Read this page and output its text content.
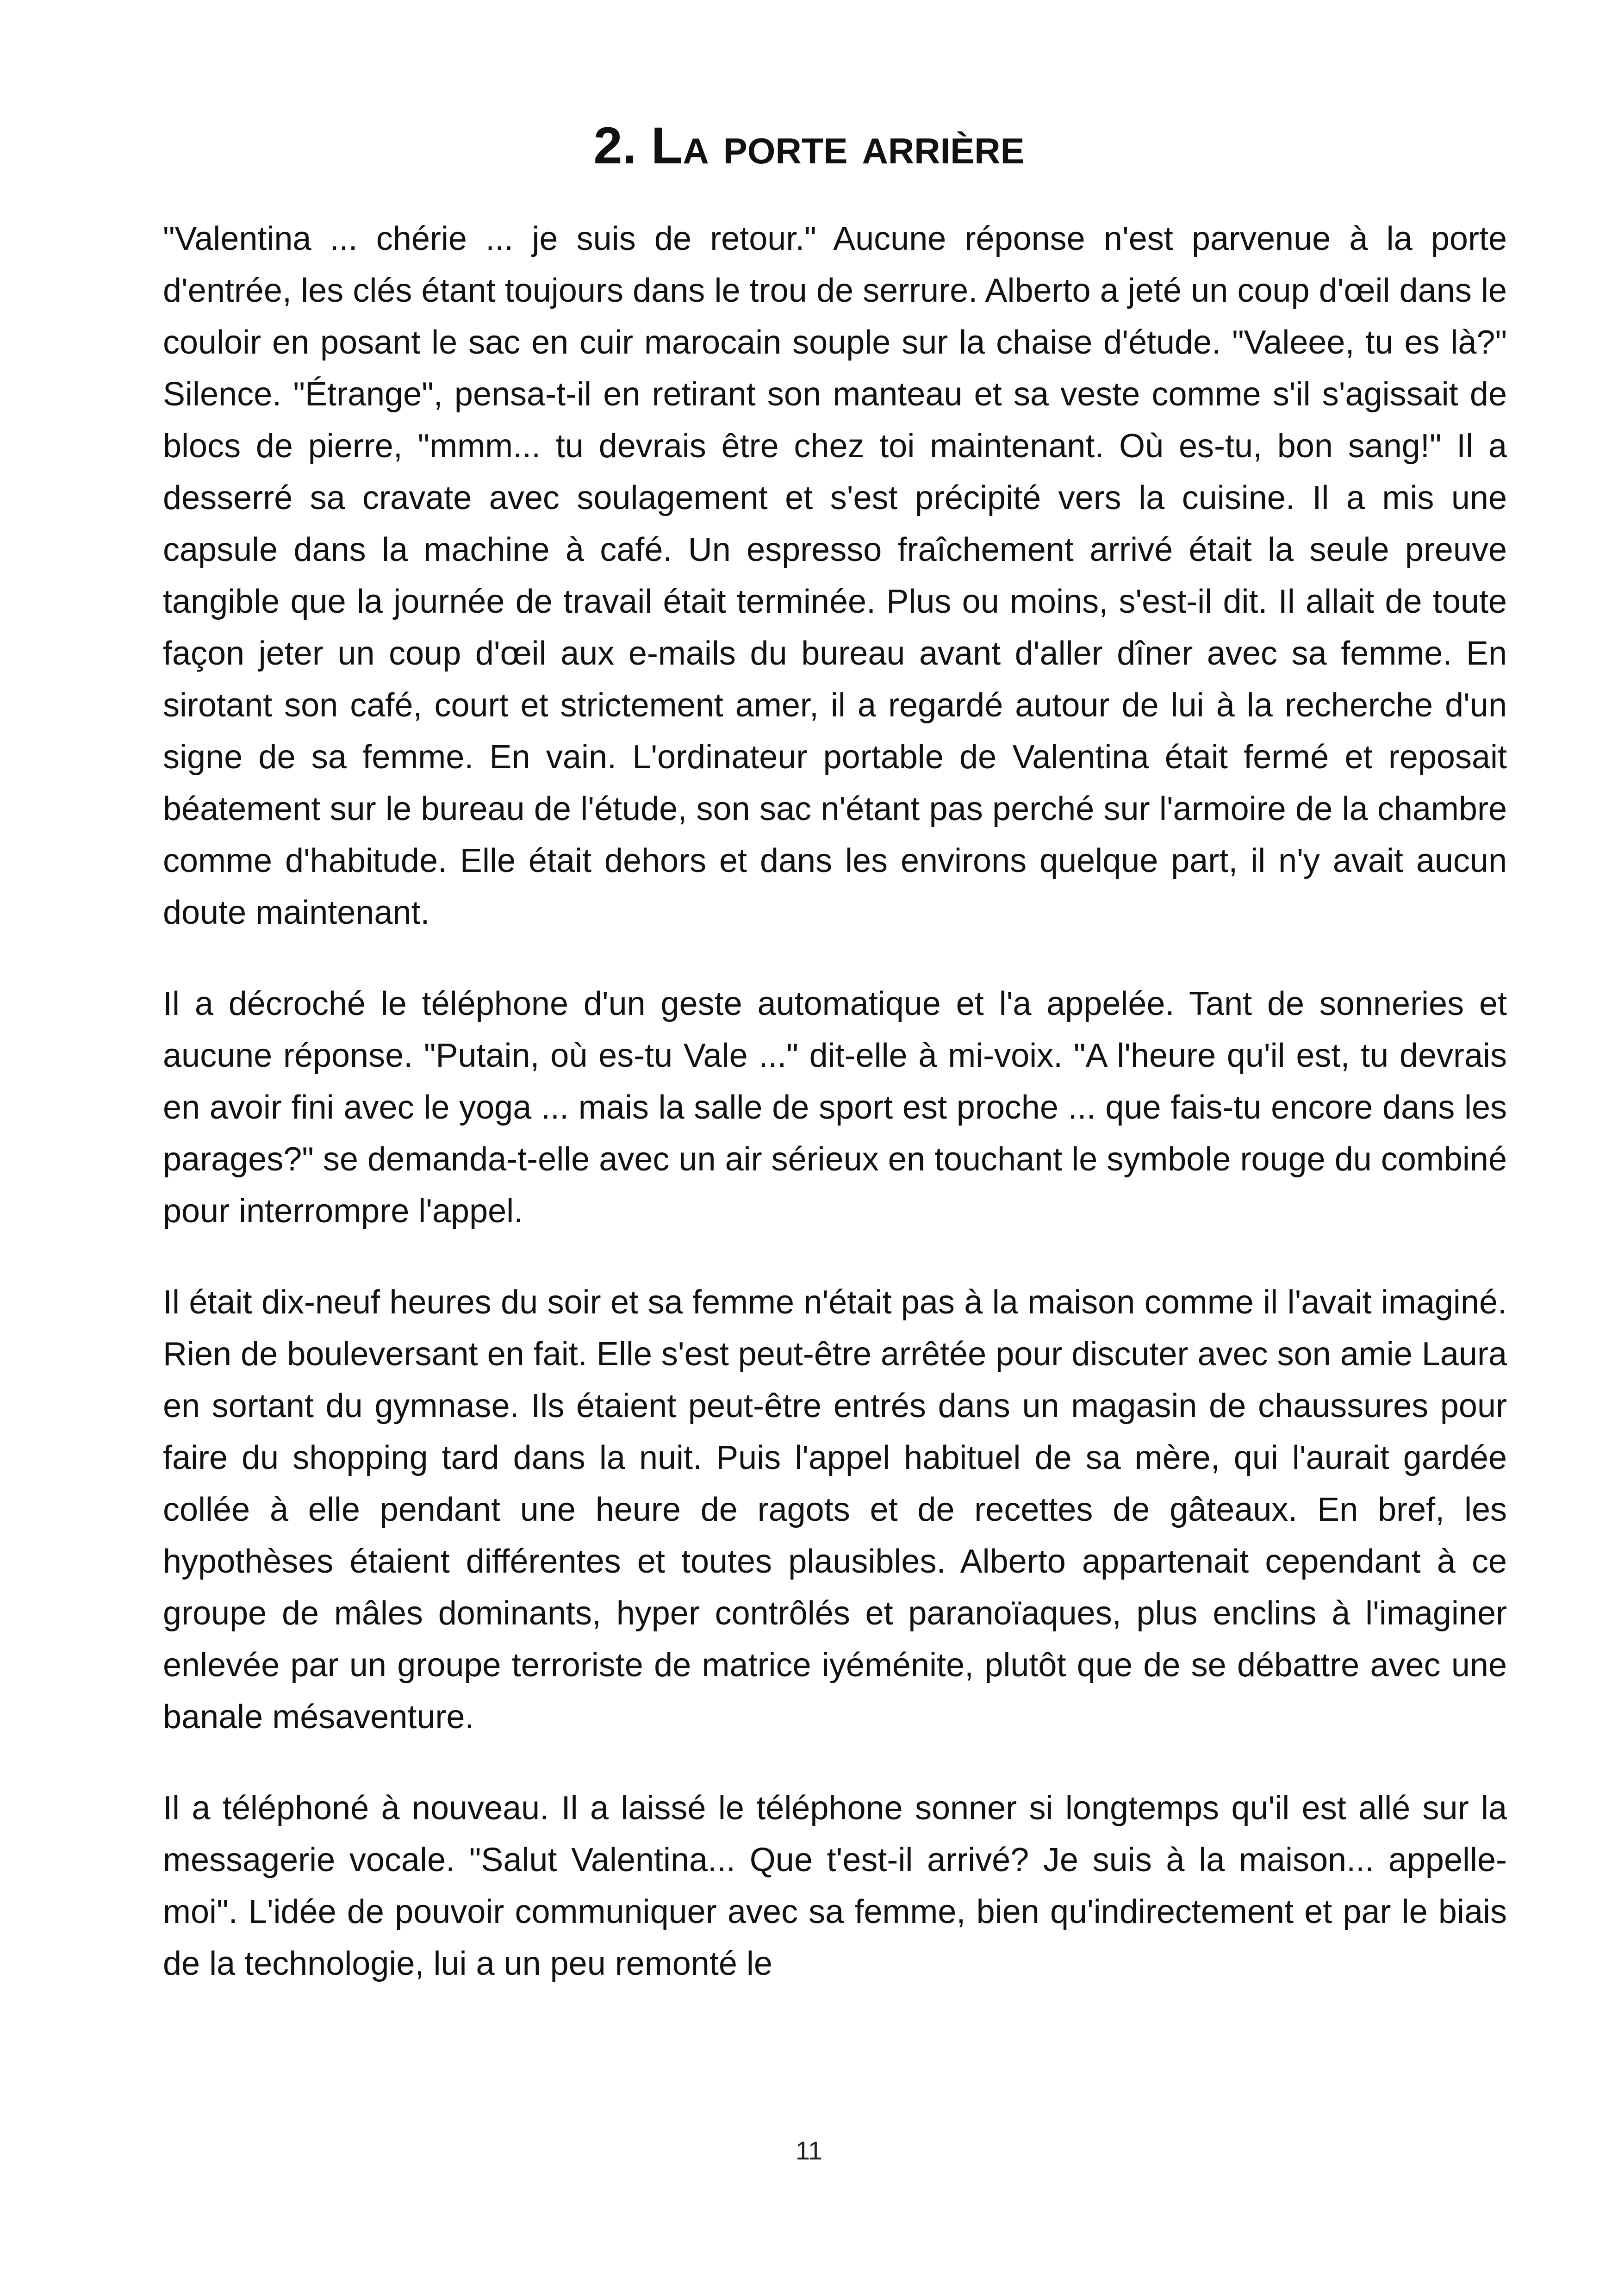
2. La porte arrière

"Valentina ... chérie ... je suis de retour." Aucune réponse n'est parvenue à la porte d'entrée, les clés étant toujours dans le trou de serrure. Alberto a jeté un coup d'œil dans le couloir en posant le sac en cuir marocain souple sur la chaise d'étude. "Valeee, tu es là?" Silence. "Étrange", pensa-t-il en retirant son manteau et sa veste comme s'il s'agissait de blocs de pierre, "mmm... tu devrais être chez toi maintenant. Où es-tu, bon sang!" Il a desserré sa cravate avec soulagement et s'est précipité vers la cuisine. Il a mis une capsule dans la machine à café. Un espresso fraîchement arrivé était la seule preuve tangible que la journée de travail était terminée. Plus ou moins, s'est-il dit. Il allait de toute façon jeter un coup d'œil aux e-mails du bureau avant d'aller dîner avec sa femme. En sirotant son café, court et strictement amer, il a regardé autour de lui à la recherche d'un signe de sa femme. En vain. L'ordinateur portable de Valentina était fermé et reposait béatement sur le bureau de l'étude, son sac n'étant pas perché sur l'armoire de la chambre comme d'habitude. Elle était dehors et dans les environs quelque part, il n'y avait aucun doute maintenant.

Il a décroché le téléphone d'un geste automatique et l'a appelée. Tant de sonneries et aucune réponse. "Putain, où es-tu Vale ..." dit-elle à mi-voix. "A l'heure qu'il est, tu devrais en avoir fini avec le yoga ... mais la salle de sport est proche ... que fais-tu encore dans les parages?" se demanda-t-elle avec un air sérieux en touchant le symbole rouge du combiné pour interrompre l'appel.

Il était dix-neuf heures du soir et sa femme n'était pas à la maison comme il l'avait imaginé. Rien de bouleversant en fait. Elle s'est peut-être arrêtée pour discuter avec son amie Laura en sortant du gymnase. Ils étaient peut-être entrés dans un magasin de chaussures pour faire du shopping tard dans la nuit. Puis l'appel habituel de sa mère, qui l'aurait gardée collée à elle pendant une heure de ragots et de recettes de gâteaux. En bref, les hypothèses étaient différentes et toutes plausibles. Alberto appartenait cependant à ce groupe de mâles dominants, hyper contrôlés et paranoïaques, plus enclins à l'imaginer enlevée par un groupe terroriste de matrice iyéménite, plutôt que de se débattre avec une banale mésaventure.

Il a téléphoné à nouveau. Il a laissé le téléphone sonner si longtemps qu'il est allé sur la messagerie vocale. "Salut Valentina... Que t'est-il arrivé? Je suis à la maison... appelle-moi". L'idée de pouvoir communiquer avec sa femme, bien qu'indirectement et par le biais de la technologie, lui a un peu remonté le

11
